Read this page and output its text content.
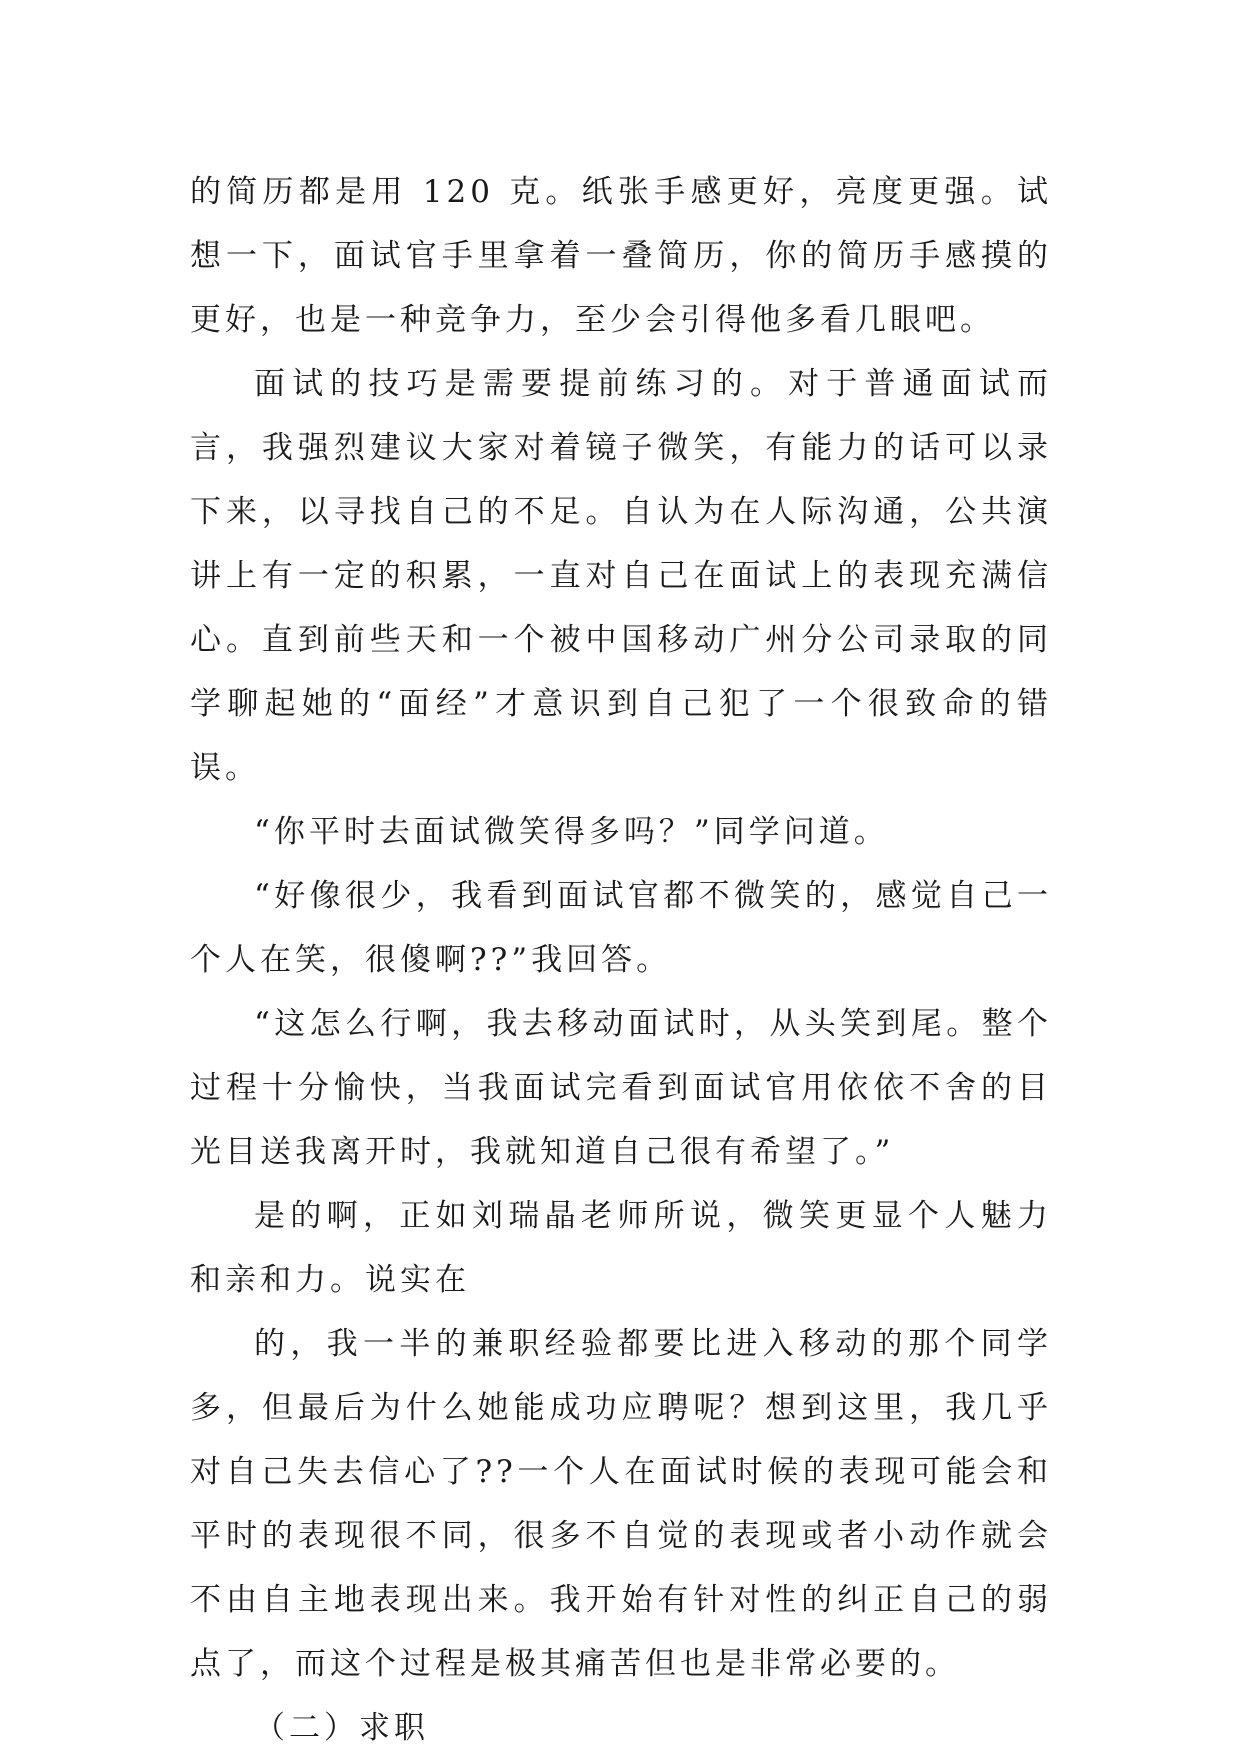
的简历都是用 120 克。纸张手感更好，亮度更强。试想一下，面试官手里拿着一叠简历，你的简历手感摸的更好，也是一种竞争力，至少会引得他多看几眼吧。

面试的技巧是需要提前练习的。对于普通面试而言，我强烈建议大家对着镜子微笑，有能力的话可以录下来，以寻找自己的不足。自认为在人际沟通，公共演讲上有一定的积累，一直对自己在面试上的表现充满信心。直到前些天和一个被中国移动广州分公司录取的同学聊起她的“面经”才意识到自己犯了一个很致命的错误。

“你平时去面试微笑得多吗？”同学问道。

“好像很少，我看到面试官都不微笑的，感觉自己一个人在笑，很傻啊??”我回答。

“这怎么行啊，我去移动面试时，从头笑到尾。整个过程十分愉快，当我面试完看到面试官用依依不舍的目光目送我离开时，我就知道自己很有希望了。”

是的啊，正如刘瑞晶老师所说，微笑更显个人魅力和亲和力。说实在

的，我一半的兼职经验都要比进入移动的那个同学多，但最后为什么她能成功应聘呢？想到这里，我几乎对自己失去信心了??一个人在面试时候的表现可能会和平时的表现很不同，很多不自觉的表现或者小动作就会不由自主地表现出来。我开始有针对性的纠正自己的弱点了，而这个过程是极其痛苦但也是非常必要的。

（二）求职
